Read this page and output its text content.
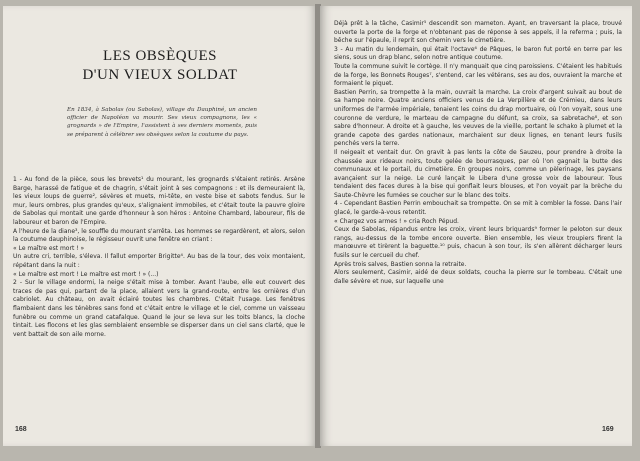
LES OBSÈQUES
D'UN VIEUX SOLDAT

En 1834, à Sabolas (ou Sabolas), village du Dauphiné, un ancien officier de Napoléon va mourir. Ses vieux compagnons, les « grognards » de l'Empire, l'assistent à ses derniers moments, puis se préparent à célébrer ses obsèques selon la coutume du pays.

1 - Au fond de la pièce, sous les brevets¹ du mourant, les grognards s'étaient retirés. Arsène Barge, harassé de fatigue et de chagrin, s'était joint à ses compagnons : et ils demeuraient là, les vieux loups de guerre², sévères et muets, mi-tête, en veste bise et sabots fendus. Sur le mur, leurs ombres, plus grandes qu'eux, s'alignaient immobiles, et c'était toute la pauvre gloire de Sabolas qui montait une garde d'honneur à son héros : Antoine Chambard, laboureur, fils de laboureur et baron de l'Empire.
A l'heure de la diane³, le souffle du mourant s'arrêta. Les hommes se regardèrent, et alors, selon la coutume dauphinoise, le régisseur ouvrit une fenêtre en criant :
« Le maître est mort ! »
Un autre cri, terrible, s'éleva. Il fallut emporter Brigitte⁴. Au bas de la tour, des voix montaient, répétant dans la nuit :
« Le maître est mort ! Le maître est mort ! » (...)
2 - Sur le village endormi, la neige s'était mise à tomber. Avant l'aube, elle eut couvert des traces de pas qui, partant de la place, allaient vers la grand-route, entre les ornières d'un cabriolet. Au château, on avait éclairé toutes les chambres. C'était l'usage. Les fenêtres flambaient dans les ténèbres sans fond et c'était entre le village et le ciel, comme un vaisseau funèbre ou comme un grand catafalque. Quand le jour se leva sur les toits blancs, la cloche tintait. Les flocons et les glas semblaient ensemble se disperser dans un ciel sans clarté, que le vent battait de son aile morne.

168

Déjà prêt à la tâche, Casimir⁵ descendit son mameton. Ayant, en traversant la place, trouvé ouverte la porte de la forge et n'obtenant pas de réponse à ses appels, il la referma ; puis, la bêche sur l'épaule, il reprit son chemin vers le cimetière.
3 - Au matin du lendemain, qui était l'octave⁶ de Pâques, le baron fut porté en terre par les siens, sous un drap blanc, selon notre antique coutume.
Toute la commune suivit le cortège. Il n'y manquait que cinq paroissiens. C'étaient les habitués de la forge, les Bonnets Rouges⁷, s'entend, car les vétérans, ses au dos, ouvraient la marche et formaient le piquet.
Bastien Perrin, sa trompette à la main, ouvrait la marche. La croix d'argent suivait au bout de sa hampe noire. Quatre anciens officiers venus de La Verpillère et de Crémieu, dans leurs uniformes de l'armée impériale, tenaient les coins du drap mortuaire, où l'on voyait, sous une couronne de verdure, le marteau de campagne du défunt, sa croix, sa sabretache⁸, et son sabre d'honneur. A droite et à gauche, les veuves de la vieille, portant le schako à plumet et la grande capote des gardes nationaux, marchaient sur deux lignes, en tenant leurs fusils penchés vers la terre.
Il neigeait et ventait dur. On gravit à pas lents la côte de Sauzeu, pour prendre à droite la chaussée aux rideaux noirs, toute gelée de bourrasques, par où l'on gagnait la butte des communaux et le portail, du cimetière. En groupes noirs, comme un pèlerinage, les paysans avançaient sur la neige. Le curé lançait le Libera d'une grosse voix de laboureur. Tous tendaient des faces dures à la bise qui gonflait leurs blouses, et l'on voyait par la brèche du Saute-Chèvre les fumées se coucher sur le blanc des toits.
4 - Cependant Bastien Perrin embouchait sa trompette. On se mit à combler la fosse. Dans l'air glacé, le garde-à-vous retentit.
« Chargez vos armes ! » cria Roch Pépud.
Ceux de Sabolas, répandus entre les croix, virent leurs briquards⁹ former le peloton sur deux rangs, au-dessus de la tombe encore ouverte. Bien ensemble, les vieux troupiers firent la manœuvre et tirèrent la baguette.¹⁰ puis, chacun à son tour, ils s'en allèrent décharger leurs fusils sur le cercueil du chef.
Après trois salves, Bastien sonna la retraite.
Alors seulement, Casimir, aidé de deux soldats, coucha la pierre sur le tombeau. C'était une dalle sévère et nue, sur laquelle une

169
